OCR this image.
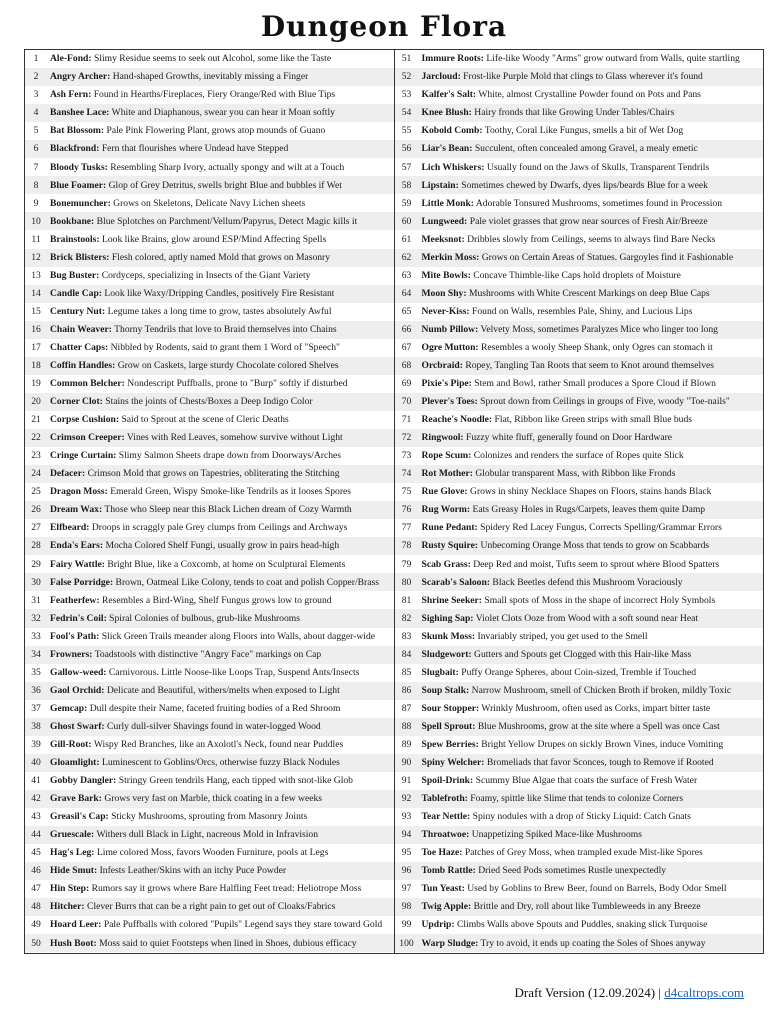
Dungeon Flora
1	Ale-Fond: Slimy Residue seems to seek out Alcohol, some like the Taste
2	Angry Archer: Hand-shaped Growths, inevitably missing a Finger
3	Ash Fern: Found in Hearths/Fireplaces, Fiery Orange/Red with Blue Tips
4	Banshee Lace: White and Diaphanous, swear you can hear it Moan softly
5	Bat Blossom: Pale Pink Flowering Plant, grows atop mounds of Guano
6	Blackfrond: Fern that flourishes where Undead have Stepped
7	Bloody Tusks: Resembling Sharp Ivory, actually spongy and wilt at a Touch
8	Blue Foamer: Glop of Grey Detritus, swells bright Blue and bubbles if Wet
9	Bonemuncher: Grows on Skeletons, Delicate Navy Lichen sheets
10 Bookbane: Blue Splotches on Parchment/Vellum/Papyrus, Detect Magic kills it
11 Brainstools: Look like Brains, glow around ESP/Mind Affecting Spells
12 Brick Blisters: Flesh colored, aptly named Mold that grows on Masonry
13 Bug Buster: Cordyceps, specializing in Insects of the Giant Variety
14 Candle Cap: Look like Waxy/Dripping Candles, positively Fire Resistant
15 Century Nut: Legume takes a long time to grow, tastes absolutely Awful
16 Chain Weaver: Thorny Tendrils that love to Braid themselves into Chains
17 Chatter Caps: Nibbled by Rodents, said to grant them 1 Word of "Speech"
18 Coffin Handles: Grow on Caskets, large sturdy Chocolate colored Shelves
19 Common Belcher: Nondescript Puffballs, prone to "Burp" softly if disturbed
20 Corner Clot: Stains the joints of Chests/Boxes a Deep Indigo Color
21 Corpse Cushion: Said to Sprout at the scene of Cleric Deaths
22 Crimson Creeper: Vines with Red Leaves, somehow survive without Light
23 Cringe Curtain: Slimy Salmon Sheets drape down from Doorways/Arches
24 Defacer: Crimson Mold that grows on Tapestries, obliterating the Stitching
25 Dragon Moss: Emerald Green, Wispy Smoke-like Tendrils as it looses Spores
26 Dream Wax: Those who Sleep near this Black Lichen dream of Cozy Warmth
27 Elfbeard: Droops in scraggly pale Grey clumps from Ceilings and Archways
28 Enda's Ears: Mocha Colored Shelf Fungi, usually grow in pairs head-high
29 Fairy Wattle: Bright Blue, like a Coxcomb, at home on Sculptural Elements
30 False Porridge: Brown, Oatmeal Like Colony, tends to coat and polish Copper/Brass
31 Featherfew: Resembles a Bird-Wing, Shelf Fungus grows low to ground
32 Fedrin's Coil: Spiral Colonies of bulbous, grub-like Mushrooms
33 Fool's Path: Slick Green Trails meander along Floors into Walls, about dagger-wide
34 Frowners: Toadstools with distinctive "Angry Face" markings on Cap
35 Gallow-weed: Carnivorous. Little Noose-like Loops Trap, Suspend Ants/Insects
36 Gaol Orchid: Delicate and Beautiful, withers/melts when exposed to Light
37 Gemcap: Dull despite their Name, faceted fruiting bodies of a Red Shroom
38 Ghost Swarf: Curly dull-silver Shavings found in water-logged Wood
39 Gill-Root: Wispy Red Branches, like an Axolotl's Neck, found near Puddles
40 Gloamlight: Luminescent to Goblins/Orcs, otherwise fuzzy Black Nodules
41 Gobby Dangler: Stringy Green tendrils Hang, each tipped with snot-like Glob
42 Grave Bark: Grows very fast on Marble, thick coating in a few weeks
43 Greasil's Cap: Sticky Mushrooms, sprouting from Masonry Joints
44 Gruescale: Withers dull Black in Light, nacreous Mold in Infravision
45 Hag's Leg: Lime colored Moss, favors Wooden Furniture, pools at Legs
46 Hide Smut: Infests Leather/Skins with an itchy Puce Powder
47 Hin Step: Rumors say it grows where Bare Halfling Feet tread: Heliotrope Moss
48 Hitcher: Clever Burrs that can be a right pain to get out of Cloaks/Fabrics
49 Hoard Leer: Pale Puffballs with colored "Pupils" Legend says they stare toward Gold
50 Hush Boot: Moss said to quiet Footsteps when lined in Shoes, dubious efficacy
51	Immure Roots: Life-like Woody "Arms" grow outward from Walls, quite startling
52	Jarcloud: Frost-like Purple Mold that clings to Glass wherever it's found
53	Kalfer's Salt: White, almost Crystalline Powder found on Pots and Pans
54	Knee Blush: Hairy fronds that like Growing Under Tables/Chairs
55	Kobold Comb: Toothy, Coral Like Fungus, smells a bit of Wet Dog
56	Liar's Bean: Succulent, often concealed among Gravel, a mealy emetic
57	Lich Whiskers: Usually found on the Jaws of Skulls, Transparent Tendrils
58	Lipstain: Sometimes chewed by Dwarfs, dyes lips/beards Blue for a week
59	Little Monk: Adorable Tonsured Mushrooms, sometimes found in Procession
60	Lungweed: Pale violet grasses that grow near sources of Fresh Air/Breeze
61	Meeksnot: Dribbles slowly from Ceilings, seems to always find Bare Necks
62	Merkin Moss: Grows on Certain Areas of Statues. Gargoyles find it Fashionable
63	Mite Bowls: Concave Thimble-like Caps hold droplets of Moisture
64	Moon Shy: Mushrooms with White Crescent Markings on deep Blue Caps
65	Never-Kiss: Found on Walls, resembles Pale, Shiny, and Lucious Lips
66	Numb Pillow: Velvety Moss, sometimes Paralyzes Mice who linger too long
67	Ogre Mutton: Resembles a wooly Sheep Shank, only Ogres can stomach it
68	Orcbraid: Ropey, Tangling Tan Roots that seem to Knot around themselves
69	Pixie's Pipe: Stem and Bowl, rather Small produces a Spore Cloud if Blown
70	Plever's Toes: Sprout down from Ceilings in groups of Five, woody "Toe-nails"
71	Reache's Noodle: Flat, Ribbon like Green strips with small Blue buds
72	Ringwool: Fuzzy white fluff, generally found on Door Hardware
73	Rope Scum: Colonizes and renders the surface of Ropes quite Slick
74	Rot Mother: Globular transparent Mass, with Ribbon like Fronds
75	Rue Glove: Grows in shiny Necklace Shapes on Floors, stains hands Black
76	Rug Worm: Eats Greasy Holes in Rugs/Carpets, leaves them quite Damp
77	Rune Pedant: Spidery Red Lacey Fungus, Corrects Spelling/Grammar Errors
78	Rusty Squire: Unbecoming Orange Moss that tends to grow on Scabbards
79	Scab Grass: Deep Red and moist, Tufts seem to sprout where Blood Spatters
80	Scarab's Saloon: Black Beetles defend this Mushroom Voraciously
81	Shrine Seeker: Small spots of Moss in the shape of incorrect Holy Symbols
82	Sighing Sap: Violet Clots Ooze from Wood with a soft sound near Heat
83	Skunk Moss: Invariably striped, you get used to the Smell
84	Sludgewort: Gutters and Spouts get Clogged with this Hair-like Mass
85	Slugbait: Puffy Orange Spheres, about Coin-sized, Tremble if Touched
86	Soup Stalk: Narrow Mushroom, smell of Chicken Broth if broken, mildly Toxic
87	Sour Stopper: Wrinkly Mushroom, often used as Corks, impart bitter taste
88	Spell Sprout: Blue Mushrooms, grow at the site where a Spell was once Cast
89	Spew Berries: Bright Yellow Drupes on sickly Brown Vines, induce Vomiting
90	Spiny Welcher: Bromeliads that favor Sconces, tough to Remove if Rooted
91	Spoil-Drink: Scummy Blue Algae that coats the surface of Fresh Water
92	Tablefroth: Foamy, spittle like Slime that tends to colonize Corners
93	Tear Nettle: Spiny nodules with a drop of Sticky Liquid: Catch Gnats
94	Throatwoe: Unappetizing Spiked Mace-like Mushrooms
95	Toe Haze: Patches of Grey Moss, when trampled exude Mist-like Spores
96	Tomb Rattle: Dried Seed Pods sometimes Rustle unexpectedly
97	Tun Yeast: Used by Goblins to Brew Beer, found on Barrels, Body Odor Smell
98	Twig Apple: Brittle and Dry, roll about like Tumbleweeds in any Breeze
99	Updrip: Climbs Walls above Spouts and Puddles, snaking slick Turquoise
100 Warp Sludge: Try to avoid, it ends up coating the Soles of Shoes anyway
Draft Version (12.09.2024) | d4caltrops.com
